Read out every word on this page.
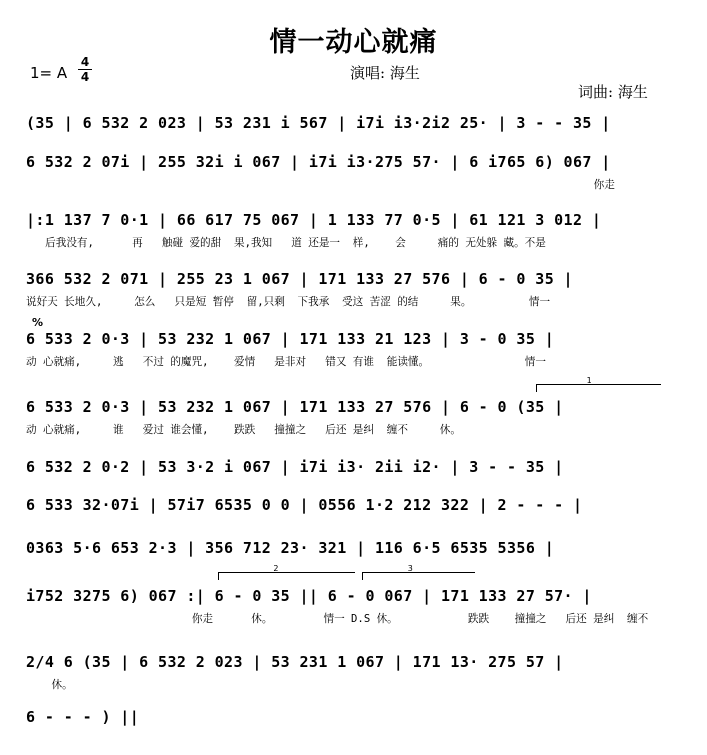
情一动心就痛
1= A
4
4	演唱: 海生
词曲: 海生
(35 | 6 532 2 023 | 53 231 i 567 | i7i i3·2i2 25· | 3 - - 35 |
6 532 2 07i | 255 32i i 067 | i7i i3·275 57· | 6 i765 6) 067 |
你走
|:1 137 7 0·1 | 66 617 75 067 | 1 133 77 0·5 | 61 121 3 012 |
后我没有,      再   触碰 爱的甜  果,我知   道 还是一  样,    会     痛的 无处躲 藏。不是
366 532 2 071 | 255 23 1 067 | 171 133 27 576 | 6 - 0 35 |
说好天 长地久,     怎么   只是短 暂停  留,只剩  下我承  受这 苦涩 的结     果。         情一
%
6 533 2 0·3 | 53 232 1 067 | 171 133 21 123 | 3 - 0 35 |
动 心就痛,     逃   不过 的魔咒,    爱情   是非对   错又 有谁  能读懂。               情一
1
6 533 2 0·3 | 53 232 1 067 | 171 133 27 576 | 6 - 0 (35 |
动 心就痛,     谁   爱过 谁会懂,    跌跌   撞撞之   后还 是纠  缠不     休。
6 532 2 0·2 | 53 3·2 i 067 | i7i i3· 2ii i2· | 3 - - 35 |
6 533 32·07i | 57i7 6535 0 0 | 0556 1·2 212 322 | 2 - - - |
0363 5·6 653 2·3 | 356 712 23· 321 | 116 6·5 6535 5356 |
2	3
i752 3275 6) 067 :| 6 - 0 35 || 6 - 0 067 | 171 133 27 57· |
你走      休。        情一 D.S 休。           跌跌    撞撞之   后还 是纠  缠不
2/4 6 (35 | 6 532 2 023 | 53 231 1 067 | 171 13· 275 57 |
休。
6 - - - ) ||
